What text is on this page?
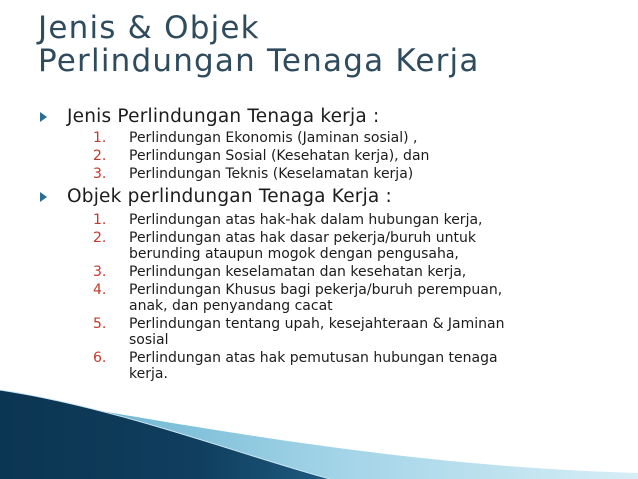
Jenis & Objek
Perlindungan Tenaga Kerja
Jenis Perlindungan Tenaga kerja :
1. Perlindungan Ekonomis (Jaminan sosial) ,
2. Perlindungan Sosial (Kesehatan kerja), dan
3. Perlindungan Teknis (Keselamatan kerja)
Objek perlindungan Tenaga Kerja :
1. Perlindungan atas hak-hak dalam hubungan kerja,
2. Perlindungan atas hak dasar pekerja/buruh untuk
berunding ataupun mogok dengan pengusaha,
3. Perlindungan keselamatan dan kesehatan kerja,
4. Perlindungan Khusus bagi pekerja/buruh perempuan,
anak, dan penyandang cacat
5. Perlindungan tentang upah, kesejahteraan & Jaminan
sosial
6. Perlindungan atas hak pemutusan hubungan tenaga
kerja.
